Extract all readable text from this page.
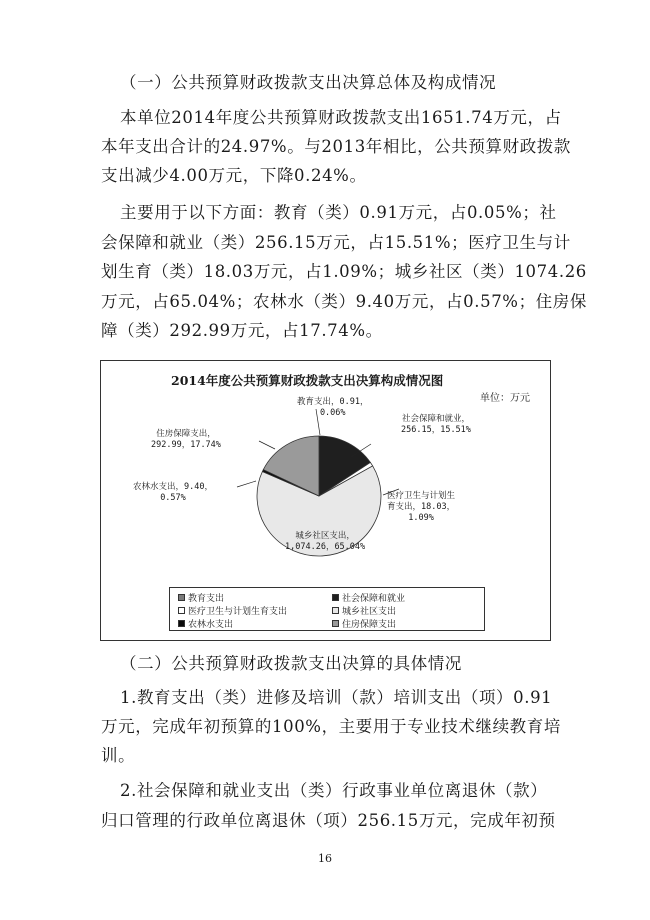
（一）公共预算财政拨款支出决算总体及构成情况
本单位2014年度公共预算财政拨款支出1651.74万元，占
本年支出合计的24.97%。与2013年相比，公共预算财政拨款
支出减少4.00万元，下降0.24%。
主要用于以下方面：教育（类）0.91万元，占0.05%；社
会保障和就业（类）256.15万元，占15.51%；医疗卫生与计
划生育（类）18.03万元，占1.09%；城乡社区（类）1074.26
万元，占65.04%；农林水（类）9.40万元，占0.57%；住房保
障（类）292.99万元，占17.74%。
2014年度公共预算财政拨款支出决算构成情况图
单位：万元
教育支出，0.91，
0.06%
社会保障和就业，
256.15，15.51%
医疗卫生与计划生
育支出，18.03，
1.09%
城乡社区支出，
1,074.26，65.04%
农林水支出，9.40，
0.57%
住房保障支出，
292.99，17.74%
教育支出	社会保障和就业
医疗卫生与计划生育支出	城乡社区支出
农林水支出	住房保障支出
（二）公共预算财政拨款支出决算的具体情况
1.教育支出（类）进修及培训（款）培训支出（项）0.91
万元，完成年初预算的100%，主要用于专业技术继续教育培
训。
2.社会保障和就业支出（类）行政事业单位离退休（款）
归口管理的行政单位离退休（项）256.15万元，完成年初预
16
